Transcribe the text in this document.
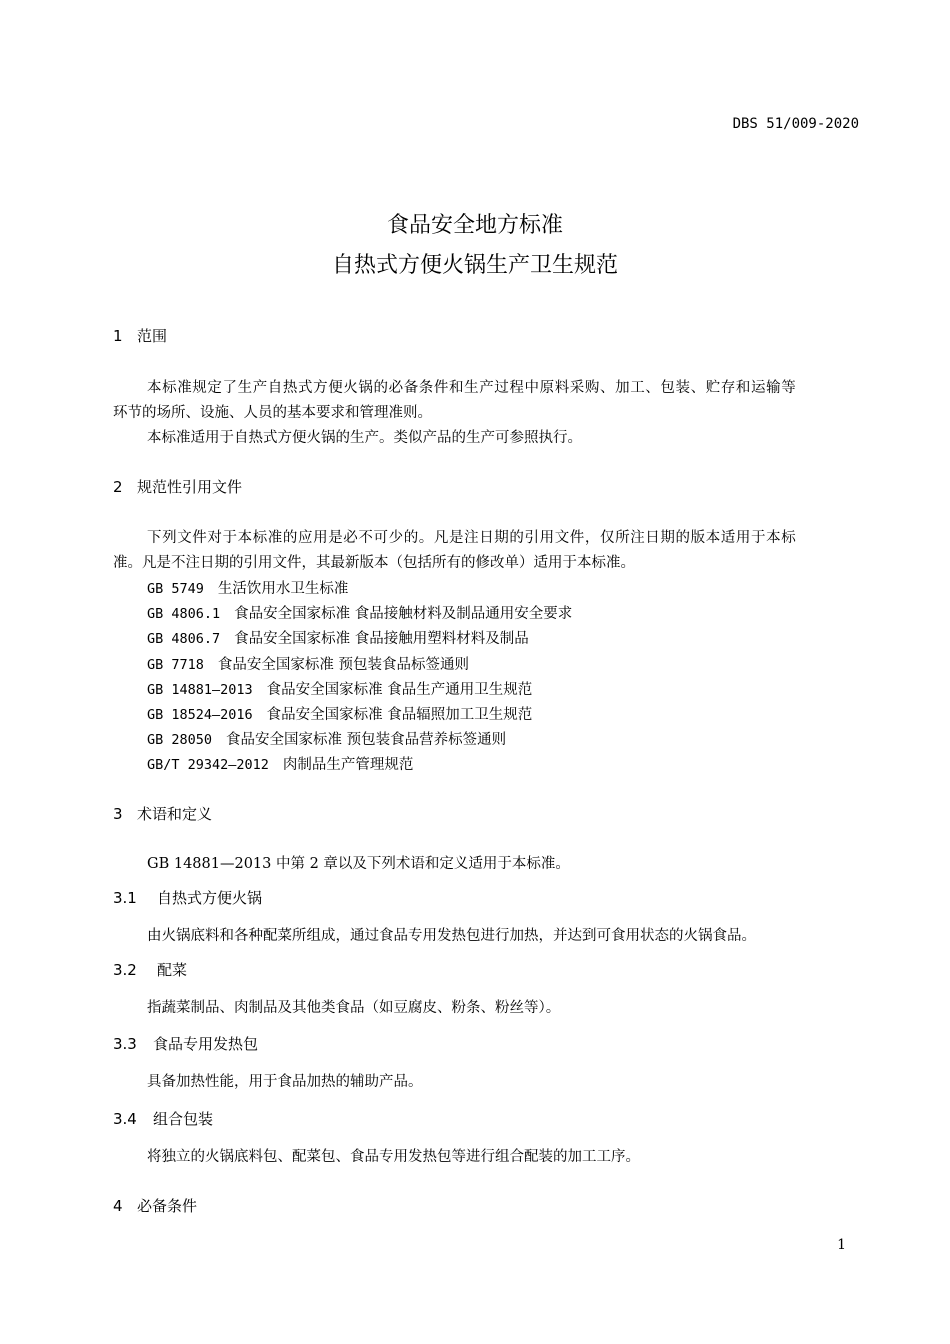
DBS 51/009-2020
食品安全地方标准
自热式方便火锅生产卫生规范
1 范围
本标准规定了生产自热式方便火锅的必备条件和生产过程中原料采购、加工、包装、贮存和运输等
环节的场所、设施、人员的基本要求和管理准则。
本标准适用于自热式方便火锅的生产。类似产品的生产可参照执行。
2 规范性引用文件
下列文件对于本标准的应用是必不可少的。凡是注日期的引用文件，仅所注日期的版本适用于本标
准。凡是不注日期的引用文件，其最新版本（包括所有的修改单）适用于本标准。
GB 5749 生活饮用水卫生标准
GB 4806.1 食品安全国家标准 食品接触材料及制品通用安全要求
GB 4806.7 食品安全国家标准 食品接触用塑料材料及制品
GB 7718 食品安全国家标准 预包装食品标签通则
GB 14881—2013 食品安全国家标准 食品生产通用卫生规范
GB 18524—2016 食品安全国家标准 食品辐照加工卫生规范
GB 28050 食品安全国家标准 预包装食品营养标签通则
GB/T 29342—2012 肉制品生产管理规范
3 术语和定义
GB 14881—2013 中第 2 章以及下列术语和定义适用于本标准。
3.1 自热式方便火锅
由火锅底料和各种配菜所组成，通过食品专用发热包进行加热，并达到可食用状态的火锅食品。
3.2 配菜
指蔬菜制品、肉制品及其他类食品（如豆腐皮、粉条、粉丝等）。
3.3 食品专用发热包
具备加热性能，用于食品加热的辅助产品。
3.4 组合包装
将独立的火锅底料包、配菜包、食品专用发热包等进行组合配装的加工工序。
4 必备条件
1
